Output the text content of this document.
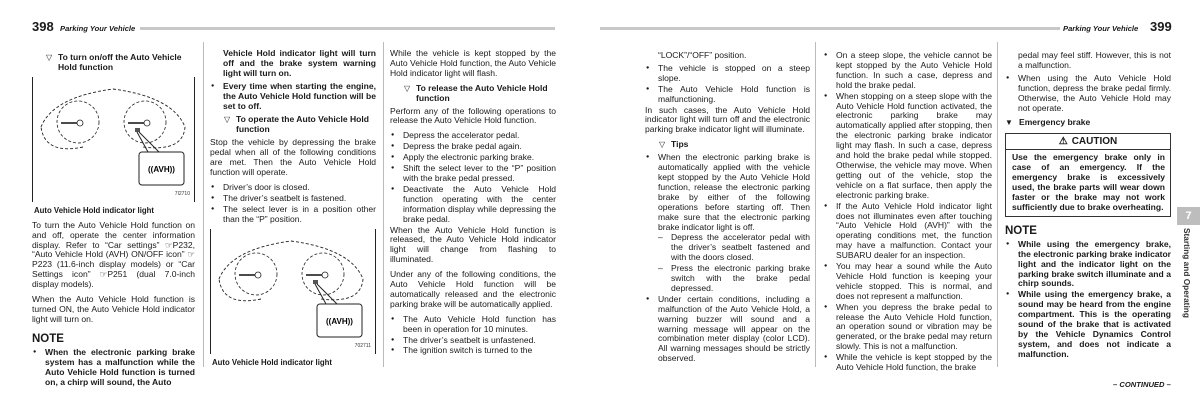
398 Parking Your Vehicle	Parking Your Vehicle 399
▽ To turn on/off the Auto Vehicle Hold function
((AVH))
7I2710
Auto Vehicle Hold indicator light

To turn the Auto Vehicle Hold function on and off, operate the center information display. Refer to “Car settings” ☞P232, “Auto Vehicle Hold (AVH) ON/OFF icon” ☞P223 (11.6-inch display models) or “Car Settings icon” ☞P251 (dual 7.0-inch display models).

When the Auto Vehicle Hold function is turned ON, the Auto Vehicle Hold indicator light will turn on.

NOTE
● When the electronic parking brake system has a malfunction while the Auto Vehicle Hold function is turned on, a chirp will sound, the Auto
Vehicle Hold indicator light will turn off and the brake system warning light will turn on.
● Every time when starting the engine, the Auto Vehicle Hold function will be set to off.
▽ To operate the Auto Vehicle Hold function

Stop the vehicle by depressing the brake pedal when all of the following conditions are met. Then the Auto Vehicle Hold function will operate.

● Driver’s door is closed.
● The driver’s seatbelt is fastened.
● The select lever is in a position other than the “P” position.
((AVH))
702711
Auto Vehicle Hold indicator light

While the vehicle is kept stopped by the Auto Vehicle Hold function, the Auto Vehicle Hold indicator light will flash.

▽ To release the Auto Vehicle Hold function

Perform any of the following operations to release the Auto Vehicle Hold function.

● Depress the accelerator pedal.
● Depress the brake pedal again.
● Apply the electronic parking brake.
● Shift the select lever to the “P” position with the brake pedal pressed.
● Deactivate the Auto Vehicle Hold function operating with the center information display while depressing the brake pedal.

When the Auto Vehicle Hold function is released, the Auto Vehicle Hold indicator light will change from flashing to illuminated.

Under any of the following conditions, the Auto Vehicle Hold function will be automatically released and the electronic parking brake will be automatically applied.

● The Auto Vehicle Hold function has been in operation for 10 minutes.
● The driver’s seatbelt is unfastened.
● The ignition switch is turned to the
“LOCK”/“OFF” position.
● The vehicle is stopped on a steep slope.
● The Auto Vehicle Hold function is malfunctioning.

In such cases, the Auto Vehicle Hold indicator light will turn off and the electronic parking brake indicator light will illuminate.

▽ Tips
● When the electronic parking brake is automatically applied with the vehicle kept stopped by the Auto Vehicle Hold function, release the electronic parking brake by either of the following operations before starting off. Then make sure that the electronic parking brake indicator light is off.
– Depress the accelerator pedal with the driver’s seatbelt fastened and with the doors closed.
– Press the electronic parking brake switch with the brake pedal depressed.
● Under certain conditions, including a malfunction of the Auto Vehicle Hold, a warning buzzer will sound and a warning message will appear on the combination meter display (color LCD). All warning messages should be strictly observed.
● On a steep slope, the vehicle cannot be kept stopped by the Auto Vehicle Hold function. In such a case, depress and hold the brake pedal.
● When stopping on a steep slope with the Auto Vehicle Hold function activated, the electronic parking brake may automatically applied after stopping, then the electronic parking brake indicator light may flash. In such a case, depress and hold the brake pedal while stopped. Otherwise, the vehicle may move. When getting out of the vehicle, stop the vehicle on a flat surface, then apply the electronic parking brake.
● If the Auto Vehicle Hold indicator light does not illuminates even after touching “Auto Vehicle Hold (AVH)” with the operating conditions met, the function may have a malfunction. Contact your SUBARU dealer for an inspection.
● You may hear a sound while the Auto Vehicle Hold function is keeping your vehicle stopped. This is normal, and does not represent a malfunction.
● When you depress the brake pedal to release the Auto Vehicle Hold function, an operation sound or vibration may be generated, or the brake pedal may return slowly. This is not a malfunction.
● While the vehicle is kept stopped by the Auto Vehicle Hold function, the brake
pedal may feel stiff. However, this is not a malfunction.
● When using the Auto Vehicle Hold function, depress the brake pedal firmly. Otherwise, the Auto Vehicle Hold may not operate.
▼ Emergency brake
⚠ CAUTION
Use the emergency brake only in case of an emergency. If the emergency brake is excessively used, the brake parts will wear down faster or the brake may not work sufficiently due to brake overheating.
NOTE
● While using the emergency brake, the electronic parking brake indicator light and the indicator light on the parking brake switch illuminate and a chirp sounds.
● While using the emergency brake, a sound may be heard from the engine compartment. This is the operating sound of the brake that is activated by the Vehicle Dynamics Control system, and does not indicate a malfunction.
7
Starting and Operating
– CONTINUED –
